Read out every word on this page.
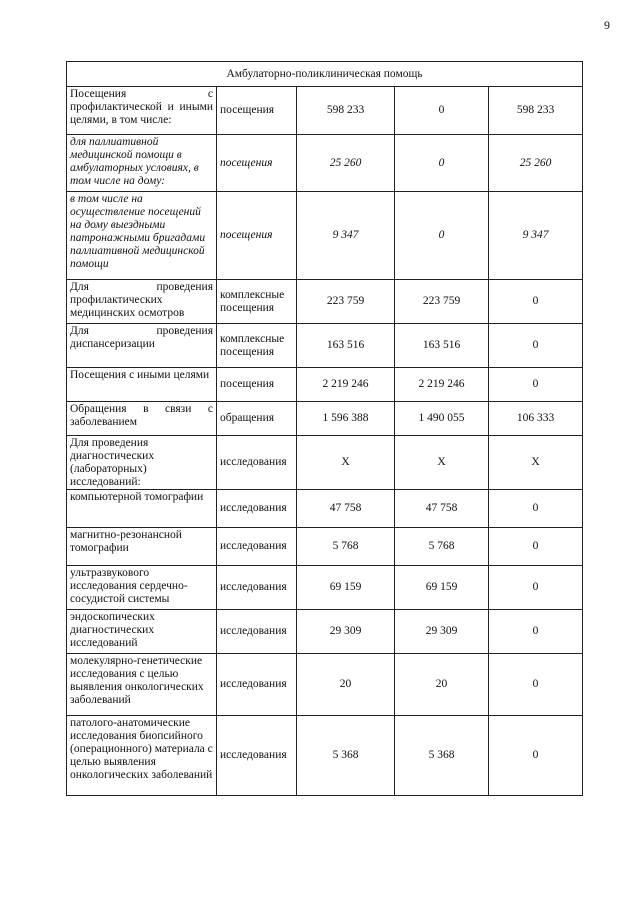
9
Амбулаторно-поликлиническая помощь				
Посещения с профилактической и иными целями, в том числе:	посещения	598 233	0	598 233
для паллиативной медицинской помощи в амбулаторных условиях, в том числе на дому:	посещения	25 260	0	25 260
в том числе на осуществление посещений на дому выездными патронажными бригадами паллиативной медицинской помощи	посещения	9 347	0	9 347
Для проведения профилактических медицинских осмотров	комплексные посещения	223 759	223 759	0
Для проведения диспансеризации	комплексные посещения	163 516	163 516	0
Посещения с иными целями	посещения	2 219 246	2 219 246	0
Обращения в связи с заболеванием	обращения	1 596 388	1 490 055	106 333
Для проведения диагностических (лабораторных) исследований:	исследования	Х	Х	Х
компьютерной томографии	исследования	47 758	47 758	0
магнитно-резонансной томографии	исследования	5 768	5 768	0
ультразвукового исследования сердечно-сосудистой системы	исследования	69 159	69 159	0
эндоскопических диагностических исследований	исследования	29 309	29 309	0
молекулярно-генетические исследования с целью выявления онкологических заболеваний	исследования	20	20	0
патолого-анатомические исследования биопсийного (операционного) материала с целью выявления онкологических заболеваний	исследования	5 368	5 368	0
